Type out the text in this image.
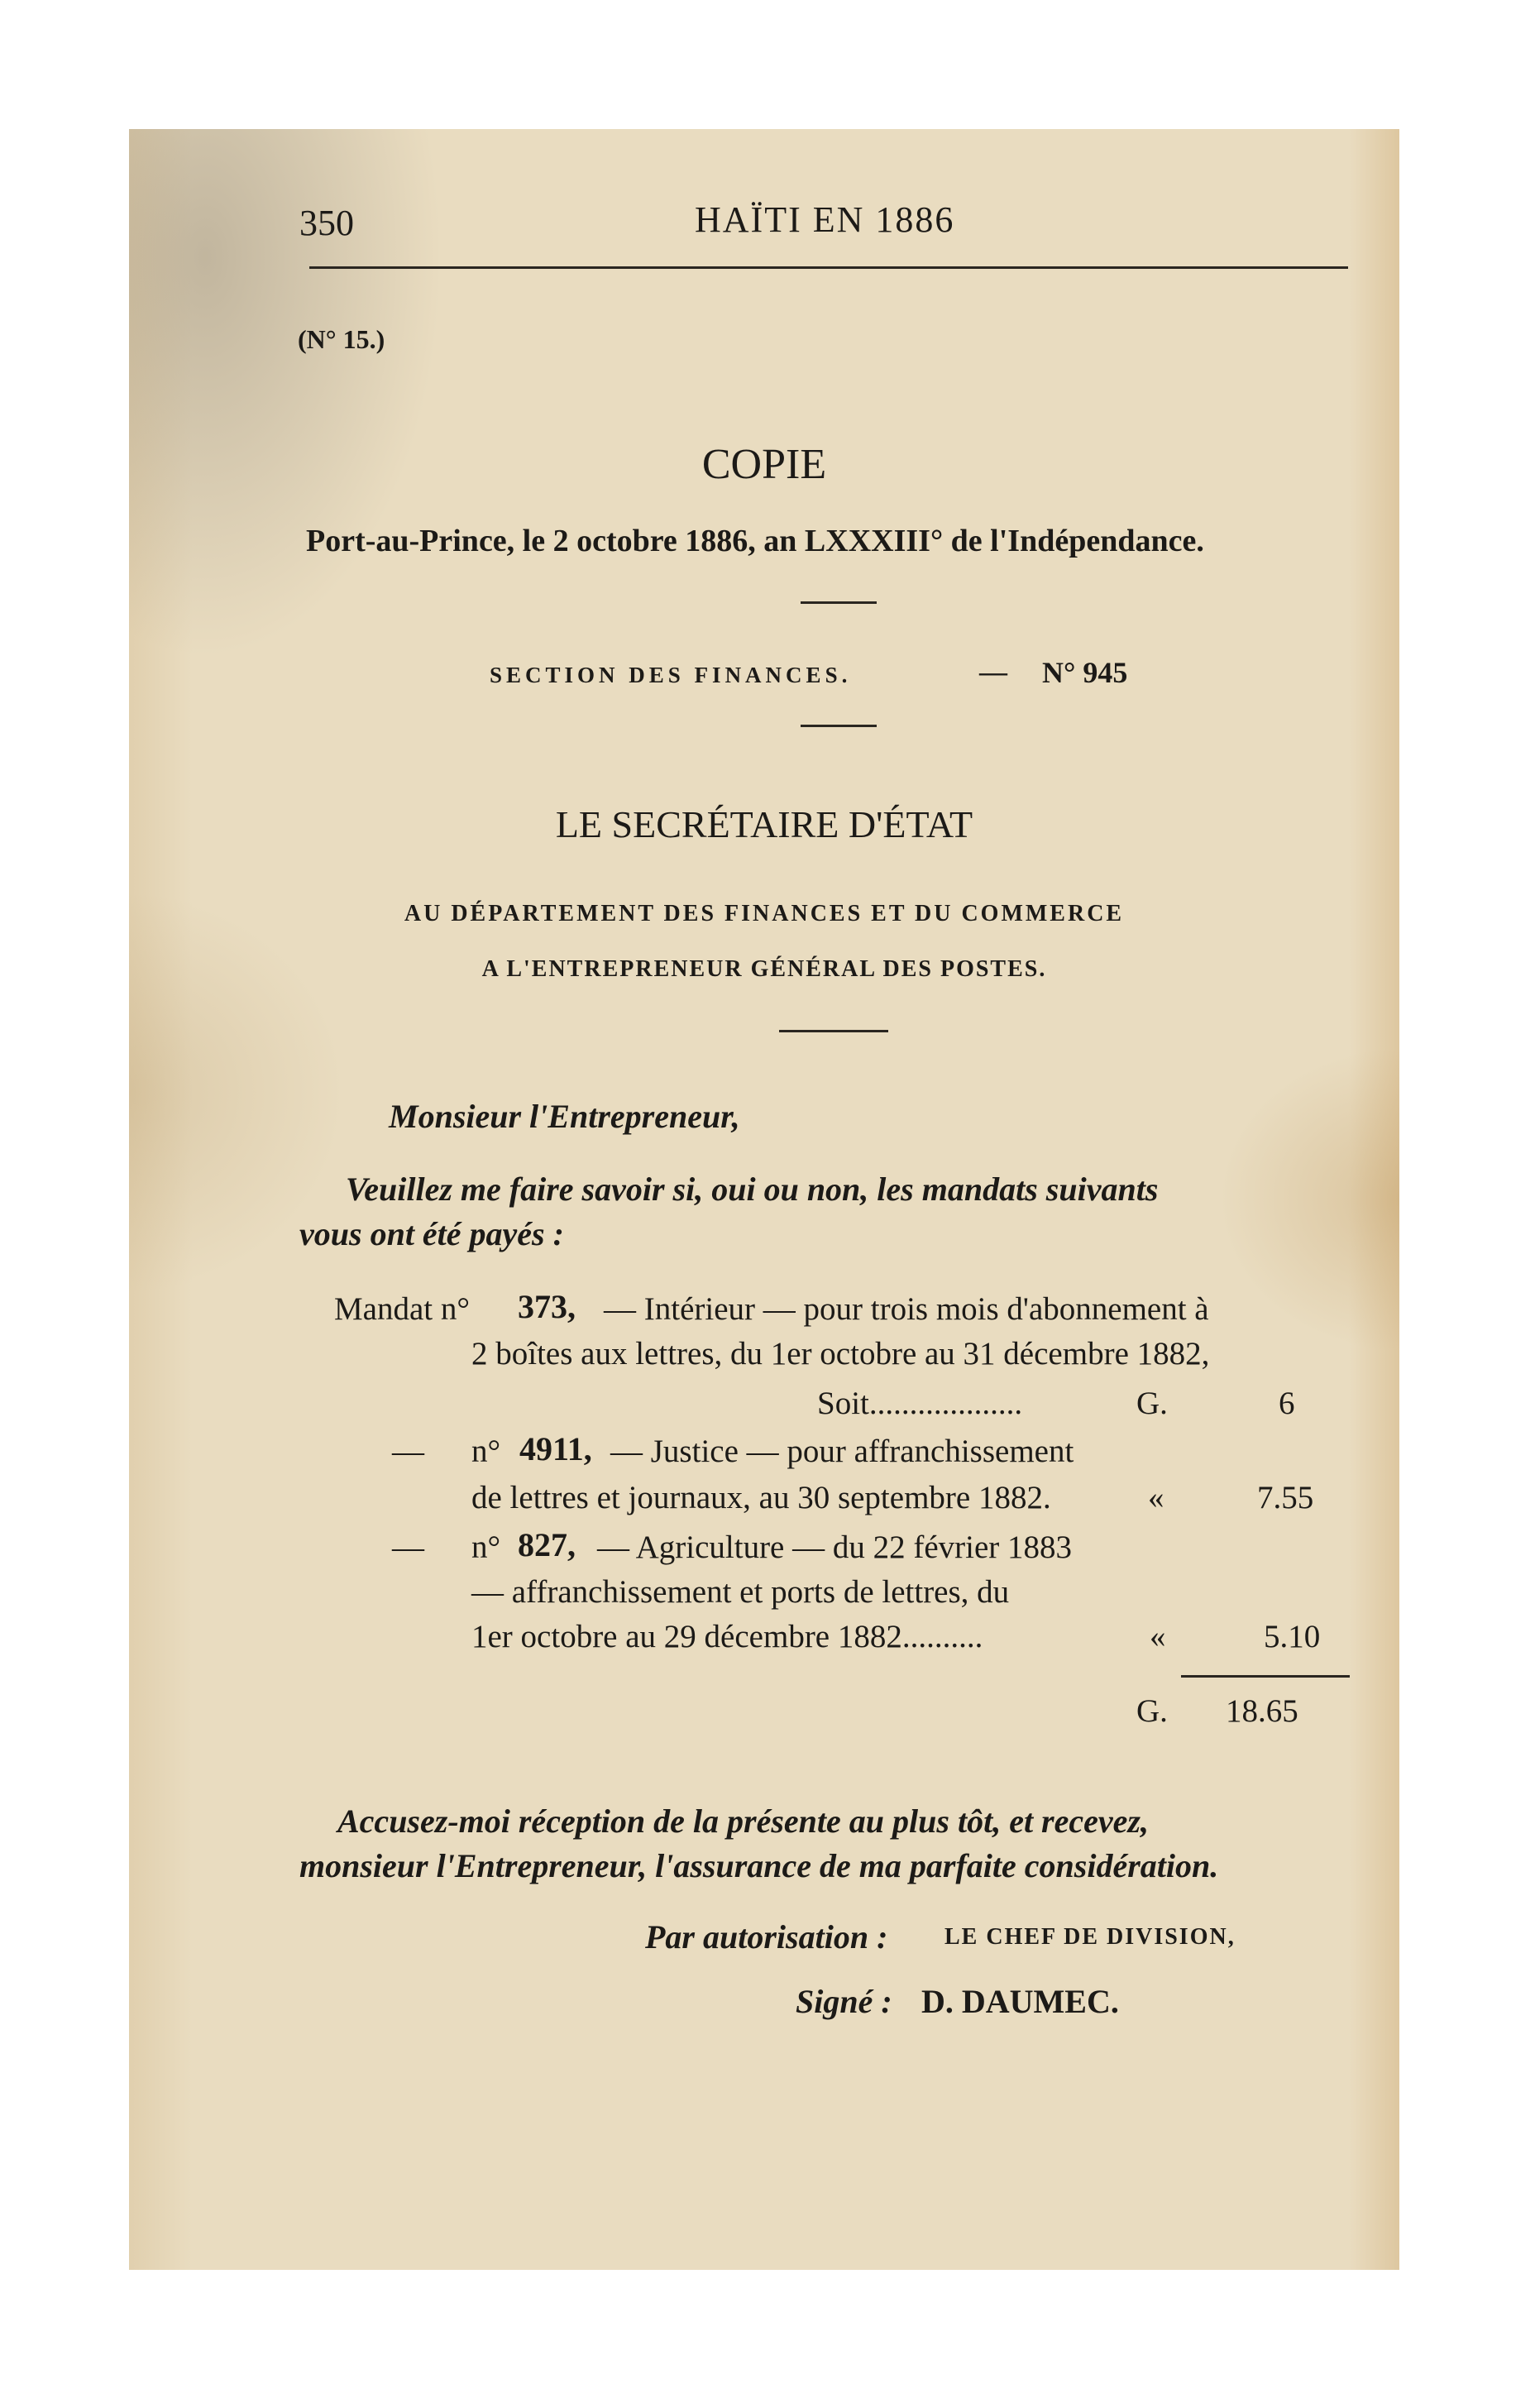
350	HAÏTI EN 1886
(N° 15.)
COPIE
Port-au-Prince, le 2 octobre 1886, an LXXXIII° de l'Indépendance.
SECTION DES FINANCES.	— N° 945
LE SECRÉTAIRE D'ÉTAT
AU DÉPARTEMENT DES FINANCES ET DU COMMERCE
A L'ENTREPRENEUR GÉNÉRAL DES POSTES.
Monsieur l'Entrepreneur,
Veuillez me faire savoir si, oui ou non, les mandats suivants
vous ont été payés :
Mandat n° 373, — Intérieur — pour trois mois d'abonnement à
2 boîtes aux lettres, du 1er octobre au 31 décembre 1882,
Soit...................	G.	6
— n° 4911, — Justice — pour affranchissement
de lettres et journaux, au 30 septembre 1882.	«	7.55
— n° 827, — Agriculture — du 22 février 1883
— affranchissement et ports de lettres, du
1er octobre au 29 décembre 1882..........	«	5.10
G. 18.65
Accusez-moi réception de la présente au plus tôt, et recevez,
monsieur l'Entrepreneur, l'assurance de ma parfaite considération.
Par autorisation : LE CHEF DE DIVISION,
Signé : D. DAUMEC.
